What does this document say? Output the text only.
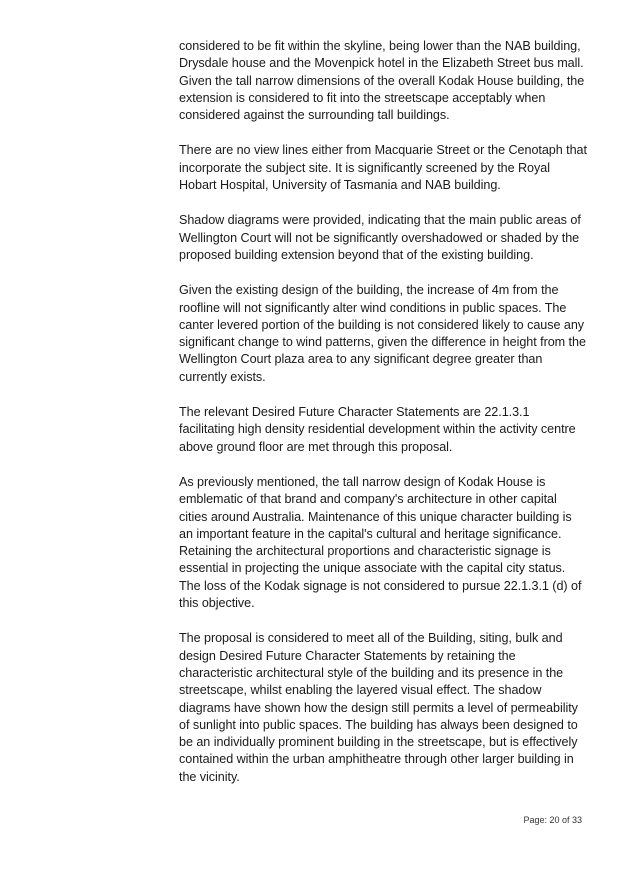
considered to be fit within the skyline, being lower than the NAB building,
Drysdale house and the Movenpick hotel in the Elizabeth Street bus mall.
Given the tall narrow dimensions of the overall Kodak House building, the
extension is considered to fit into the streetscape acceptably when
considered against the surrounding tall buildings.

There are no view lines either from Macquarie Street or the Cenotaph that
incorporate the subject site. It is significantly screened by the Royal
Hobart Hospital, University of Tasmania and NAB building.

Shadow diagrams were provided, indicating that the main public areas of
Wellington Court will not be significantly overshadowed or shaded by the
proposed building extension beyond that of the existing building.

Given the existing design of the building, the increase of 4m from the
roofline will not significantly alter wind conditions in public spaces. The
canter levered portion of the building is not considered likely to cause any
significant change to wind patterns, given the difference in height from the
Wellington Court plaza area to any significant degree greater than
currently exists.

The relevant Desired Future Character Statements are 22.1.3.1
facilitating high density residential development within the activity centre
above ground floor are met through this proposal.

As previously mentioned, the tall narrow design of Kodak House is
emblematic of that brand and company's architecture in other capital
cities around Australia. Maintenance of this unique character building is
an important feature in the capital's cultural and heritage significance.
Retaining the architectural proportions and characteristic signage is
essential in projecting the unique associate with the capital city status.
The loss of the Kodak signage is not considered to pursue 22.1.3.1 (d) of
this objective.

The proposal is considered to meet all of the Building, siting, bulk and
design Desired Future Character Statements by retaining the
characteristic architectural style of the building and its presence in the
streetscape, whilst enabling the layered visual effect. The shadow
diagrams have shown how the design still permits a level of permeability
of sunlight into public spaces. The building has always been designed to
be an individually prominent building in the streetscape, but is effectively
contained within the urban amphitheatre through other larger building in
the vicinity.

Page: 20 of 33
